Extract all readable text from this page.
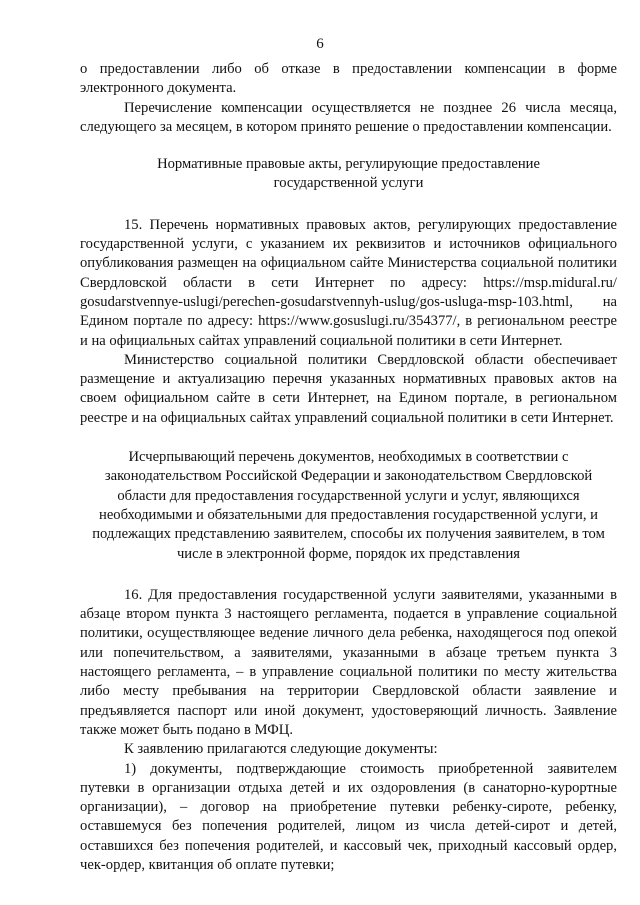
6

о предоставлении либо об отказе в предоставлении компенсации в форме электронного документа.

Перечисление компенсации осуществляется не позднее 26 числа месяца, следующего за месяцем, в котором принято решение о предоставлении компенсации.

Нормативные правовые акты, регулирующие предоставление государственной услуги

15. Перечень нормативных правовых актов, регулирующих предоставление государственной услуги, с указанием их реквизитов и источников официального опубликования размещен на официальном сайте Министерства социальной политики Свердловской области в сети Интернет по адресу: https://msp.midural.ru/ gosudarstvennye-uslugi/perechen-gosudarstvennyh-uslug/gos-usluga-msp-103.html, на Едином портале по адресу: https://www.gosuslugi.ru/354377/, в региональном реестре и на официальных сайтах управлений социальной политики в сети Интернет.

Министерство социальной политики Свердловской области обеспечивает размещение и актуализацию перечня указанных нормативных правовых актов на своем официальном сайте в сети Интернет, на Едином портале, в региональном реестре и на официальных сайтах управлений социальной политики в сети Интернет.

Исчерпывающий перечень документов, необходимых в соответствии с законодательством Российской Федерации и законодательством Свердловской области для предоставления государственной услуги и услуг, являющихся необходимыми и обязательными для предоставления государственной услуги, и подлежащих представлению заявителем, способы их получения заявителем, в том числе в электронной форме, порядок их представления

16. Для предоставления государственной услуги заявителями, указанными в абзаце втором пункта 3 настоящего регламента, подается в управление социальной политики, осуществляющее ведение личного дела ребенка, находящегося под опекой или попечительством, а заявителями, указанными в абзаце третьем пункта 3 настоящего регламента, – в управление социальной политики по месту жительства либо месту пребывания на территории Свердловской области заявление и предъявляется паспорт или иной документ, удостоверяющий личность. Заявление также может быть подано в МФЦ.

К заявлению прилагаются следующие документы:

1) документы, подтверждающие стоимость приобретенной заявителем путевки в организации отдыха детей и их оздоровления (в санаторно-курортные организации), – договор на приобретение путевки ребенку-сироте, ребенку, оставшемуся без попечения родителей, лицом из числа детей-сирот и детей, оставшихся без попечения родителей, и кассовый чек, приходный кассовый ордер, чек-ордер, квитанция об оплате путевки;
